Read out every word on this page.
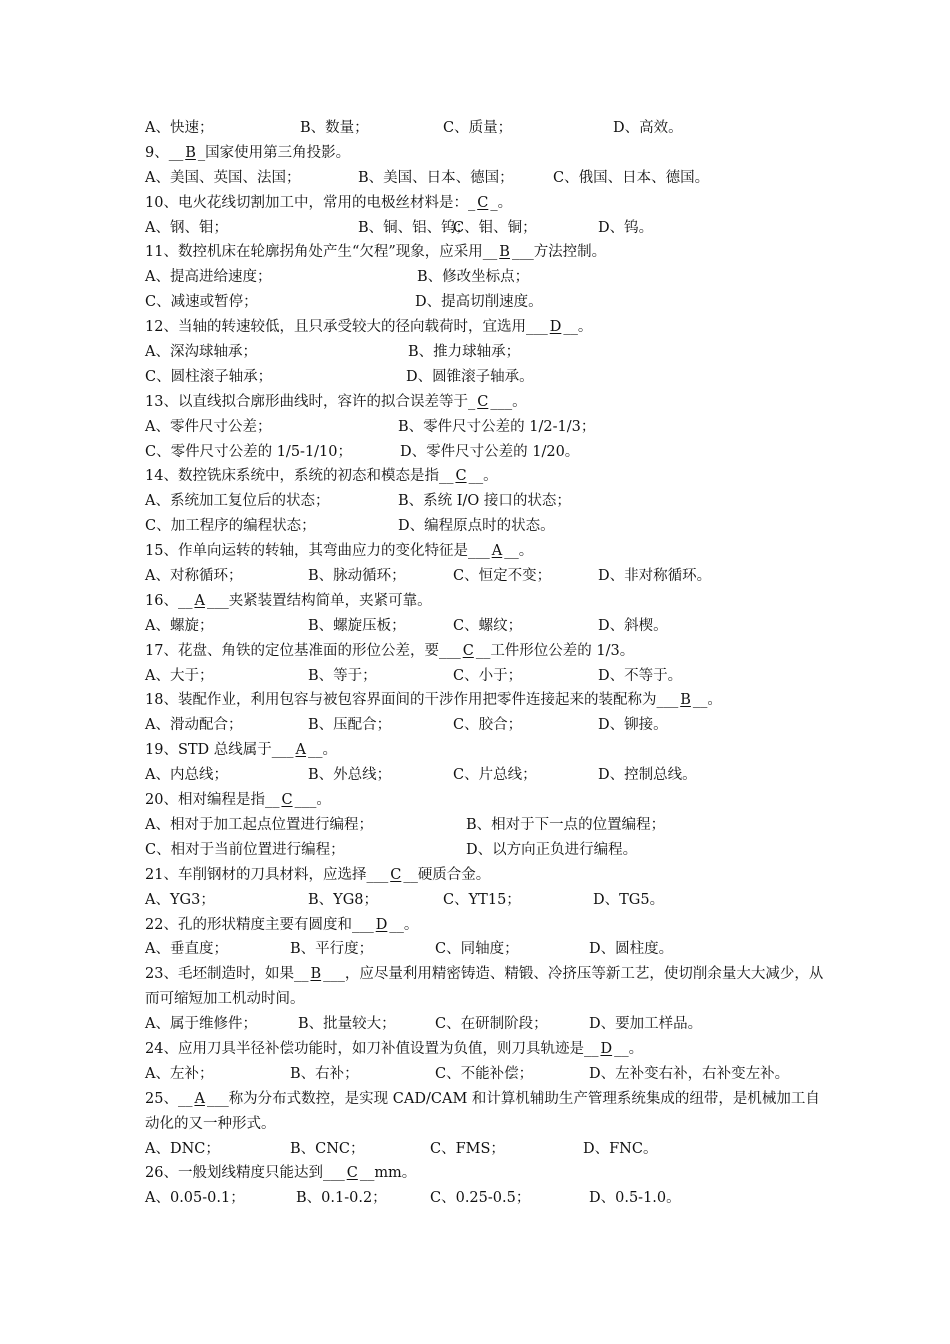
A、快速；	B、数量；	C、质量；	D、高效。
9、__ B _国家使用第三角投影。
A、美国、英国、法国；	B、美国、日本、德国；	C、俄国、日本、德国。
10、电火花线切割加工中，常用的电极丝材料是：_ C _。
A、钢、钼；	B、铜、铝、钨；
C、钼、铜；	D、钨。
11、数控机床在轮廓拐角处产生“欠程”现象，应采用__ B ___方法控制。
A、提高进给速度；	B、修改坐标点；
C、减速或暂停；	D、提高切削速度。
12、当轴的转速较低，且只承受较大的径向载荷时，宜选用___ D __。
A、深沟球轴承；	B、推力球轴承；
C、圆柱滚子轴承；	D、圆锥滚子轴承。
13、以直线拟合廓形曲线时，容许的拟合误差等于_ C ___。
A、零件尺寸公差；	B、零件尺寸公差的 1/2-1/3；
C、零件尺寸公差的 1/5-1/10；	D、零件尺寸公差的 1/20。
14、数控铣床系统中，系统的初态和模态是指__ C __。
A、系统加工复位后的状态；	B、系统 I/O 接口的状态；
C、加工程序的编程状态；	D、编程原点时的状态。
15、作单向运转的转轴，其弯曲应力的变化特征是___ A __。
A、对称循环；	B、脉动循环；	C、恒定不变；	D、非对称循环。
16、__ A ___夹紧装置结构简单，夹紧可靠。
A、螺旋；	B、螺旋压板；	C、螺纹；	D、斜楔。
17、花盘、角铁的定位基准面的形位公差，要___ C __工件形位公差的 1/3。
A、大于；	B、等于；	C、小于；	D、不等于。
18、装配作业，利用包容与被包容界面间的干涉作用把零件连接起来的装配称为___ B __。
A、滑动配合；	B、压配合；	C、胶合；	D、铆接。
19、STD 总线属于___ A __。
A、内总线；	B、外总线；	C、片总线；	D、控制总线。
20、相对编程是指__ C ___。
A、相对于加工起点位置进行编程；	B、相对于下一点的位置编程；
C、相对于当前位置进行编程；	D、以方向正负进行编程。
21、车削钢材的刀具材料，应选择___ C __硬质合金。
A、YG3；	B、YG8；	C、YT15；	D、TG5。
22、孔的形状精度主要有圆度和___ D __。
A、垂直度；	B、平行度；	C、同轴度；	D、圆柱度。
23、毛坯制造时，如果__ B ___，应尽量利用精密铸造、精锻、冷挤压等新工艺，使切削余量大大减少，从而可缩短加工机动时间。
A、属于维修件；	B、批量较大；	C、在研制阶段；	D、要加工样品。
24、应用刀具半径补偿功能时，如刀补值设置为负值，则刀具轨迹是__ D __。
A、左补；	B、右补；	C、不能补偿；	D、左补变右补，右补变左补。
25、__ A ___称为分布式数控，是实现 CAD/CAM 和计算机辅助生产管理系统集成的纽带，是机械加工自动化的又一种形式。
A、DNC；	B、CNC；	C、FMS；	D、FNC。
26、一般划线精度只能达到___ C __mm。
A、0.05-0.1；	B、0.1-0.2；	C、0.25-0.5；	D、0.5-1.0。
